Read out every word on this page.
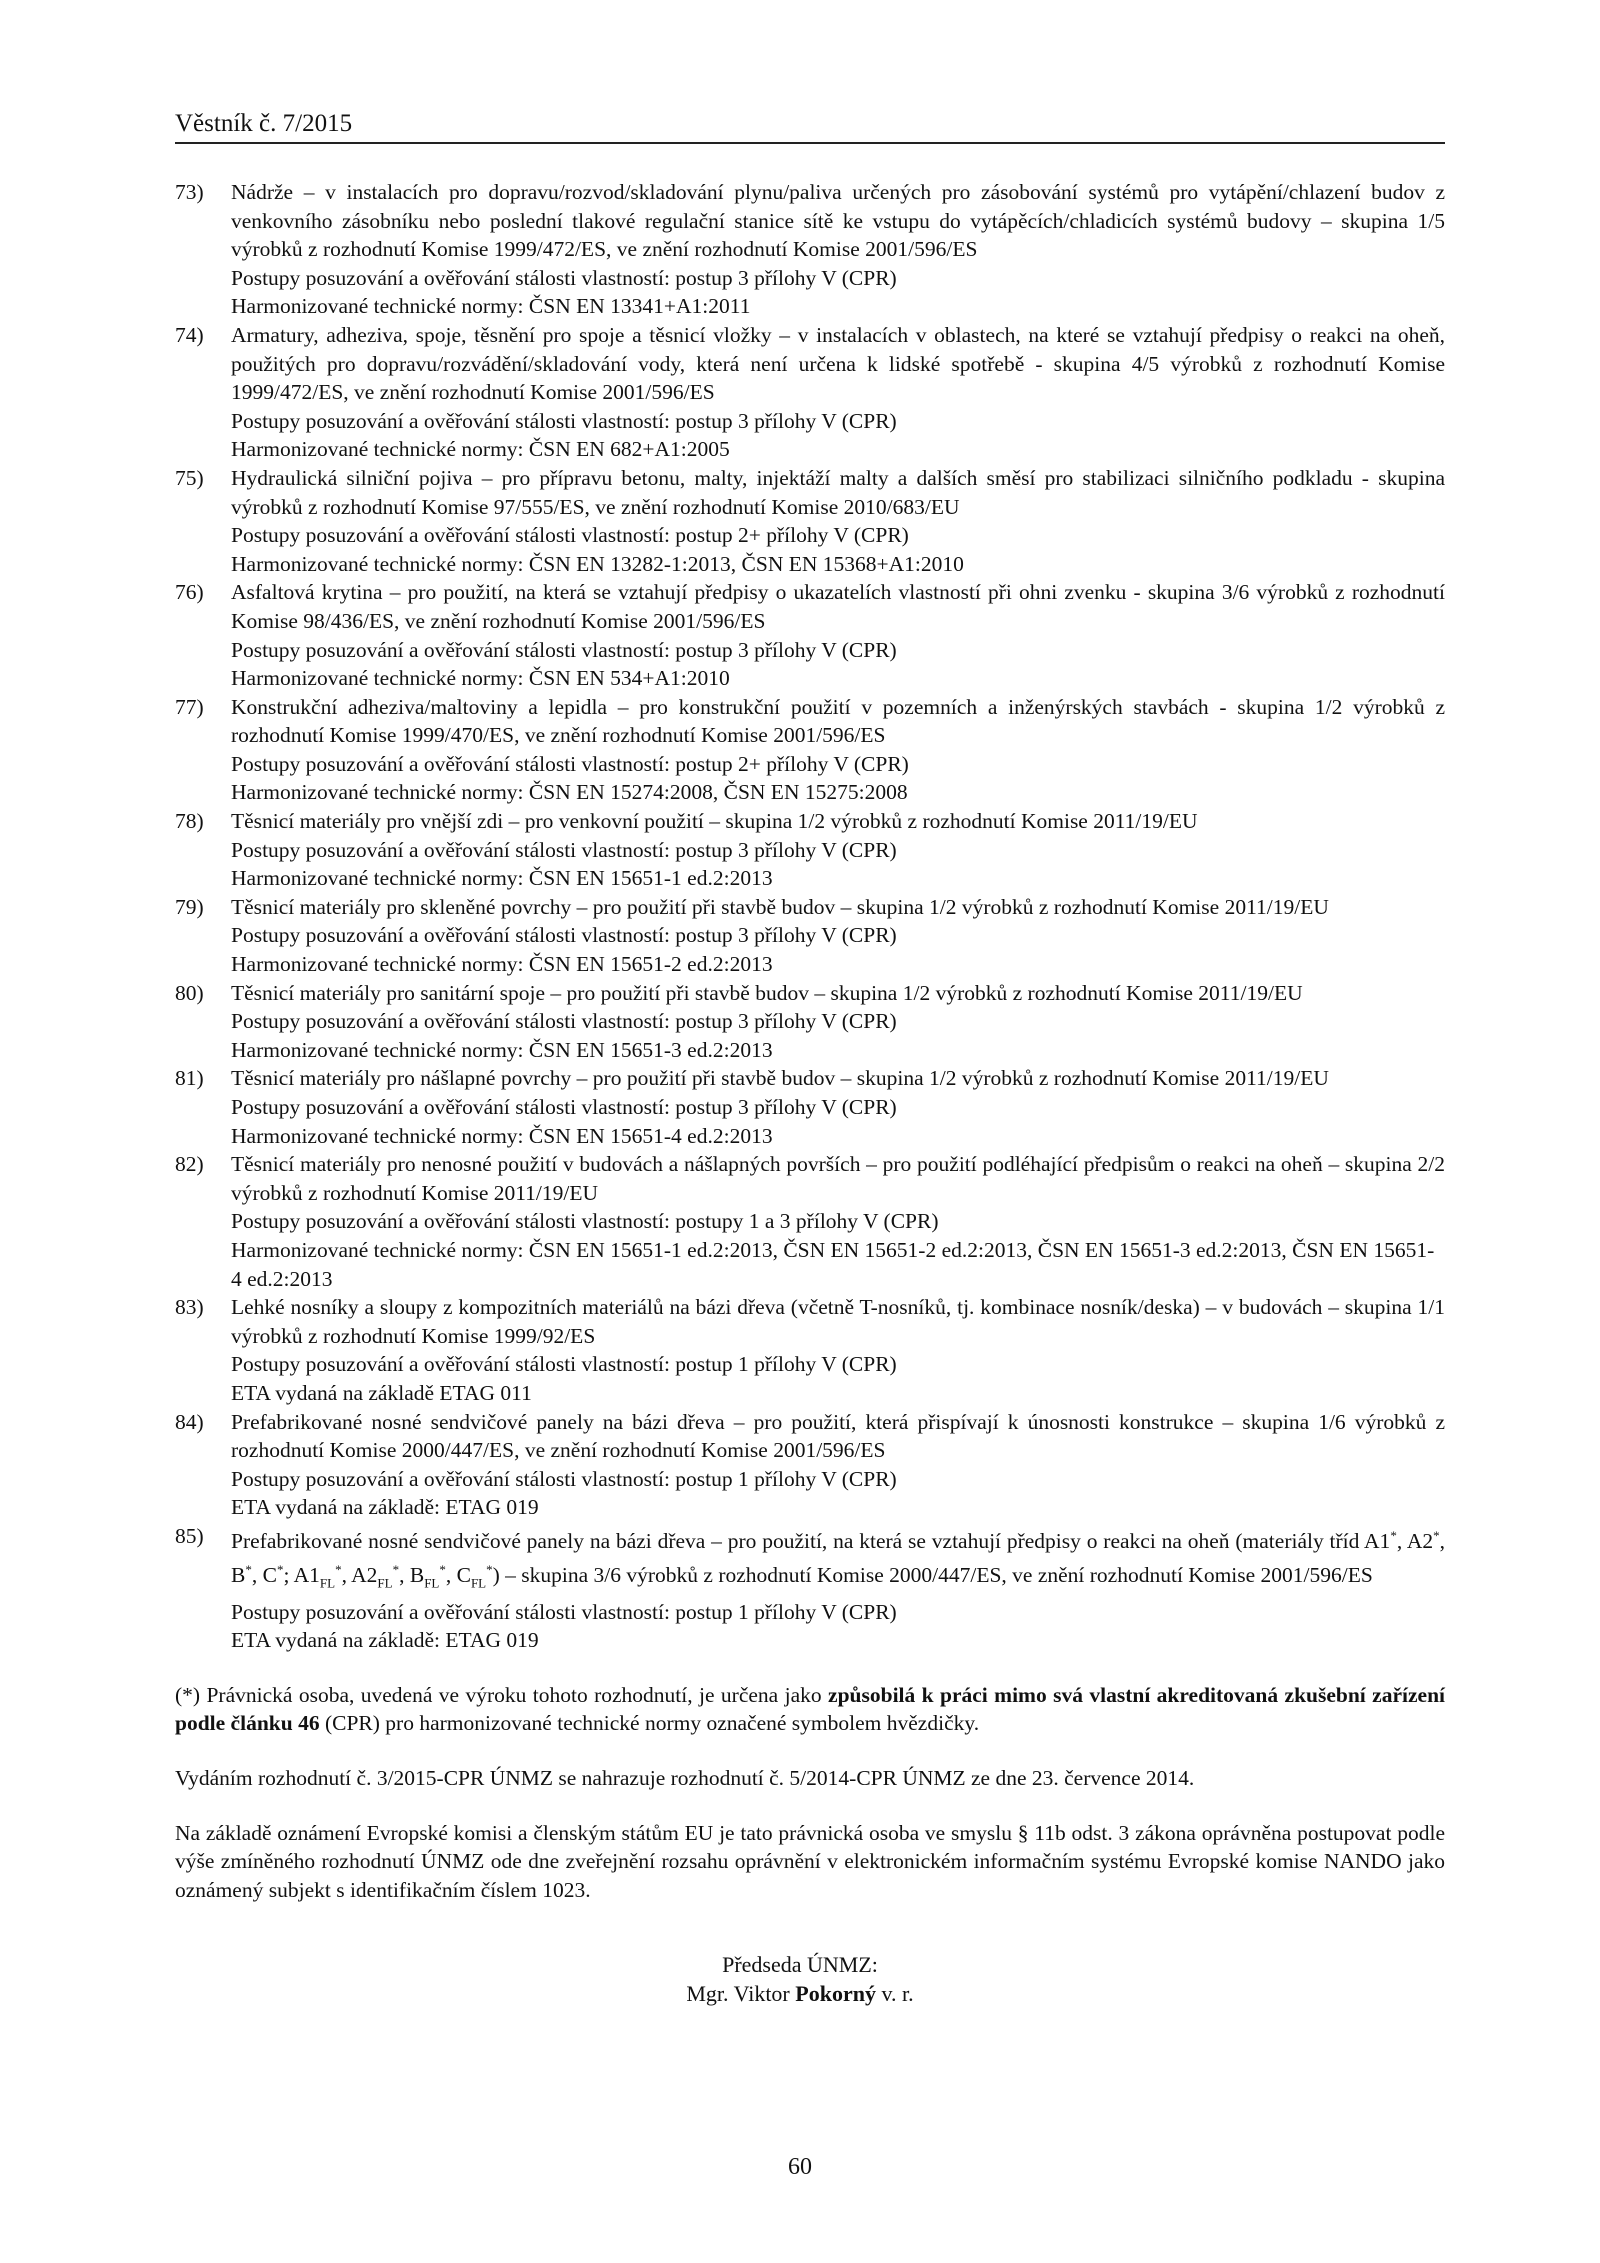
Věstník č. 7/2015
73)	Nádrže – v instalacích pro dopravu/rozvod/skladování plynu/paliva určených pro zásobování systémů pro vytápění/chlazení budov z venkovního zásobníku nebo poslední tlakové regulační stanice sítě ke vstupu do vytápěcích/chladicích systémů budovy – skupina 1/5 výrobků z rozhodnutí Komise 1999/472/ES, ve znění rozhodnutí Komise 2001/596/ES
Postupy posuzování a ověřování stálosti vlastností: postup 3 přílohy V (CPR)
Harmonizované technické normy: ČSN EN 13341+A1:2011
74)	Armatury, adheziva, spoje, těsnění pro spoje a těsnicí vložky – v instalacích v oblastech, na které se vztahují předpisy o reakci na oheň, použitých pro dopravu/rozvádění/skladování vody, která není určena k lidské spotřebě - skupina 4/5 výrobků z rozhodnutí Komise 1999/472/ES, ve znění rozhodnutí Komise 2001/596/ES
Postupy posuzování a ověřování stálosti vlastností: postup 3 přílohy V (CPR)
Harmonizované technické normy: ČSN EN 682+A1:2005
75)	Hydraulická silniční pojiva – pro přípravu betonu, malty, injektáží malty a dalších směsí pro stabilizaci silničního podkladu - skupina výrobků z rozhodnutí Komise 97/555/ES, ve znění rozhodnutí Komise 2010/683/EU
Postupy posuzování a ověřování stálosti vlastností: postup 2+ přílohy V (CPR)
Harmonizované technické normy: ČSN EN 13282-1:2013, ČSN EN 15368+A1:2010
76)	Asfaltová krytina – pro použití, na která se vztahují předpisy o ukazatelích vlastností při ohni zvenku - skupina 3/6 výrobků z rozhodnutí Komise 98/436/ES, ve znění rozhodnutí Komise 2001/596/ES
Postupy posuzování a ověřování stálosti vlastností: postup 3 přílohy V (CPR)
Harmonizované technické normy: ČSN EN 534+A1:2010
77)	Konstrukční adheziva/maltoviny a lepidla – pro konstrukční použití v pozemních a inženýrských stavbách - skupina 1/2 výrobků z rozhodnutí Komise 1999/470/ES, ve znění rozhodnutí Komise 2001/596/ES
Postupy posuzování a ověřování stálosti vlastností: postup 2+ přílohy V (CPR)
Harmonizované technické normy: ČSN EN 15274:2008, ČSN EN 15275:2008
78)	Těsnicí materiály pro vnější zdi – pro venkovní použití – skupina 1/2 výrobků z rozhodnutí Komise 2011/19/EU
Postupy posuzování a ověřování stálosti vlastností: postup 3 přílohy V (CPR)
Harmonizované technické normy: ČSN EN 15651-1 ed.2:2013
79)	Těsnicí materiály pro skleněné povrchy – pro použití při stavbě budov – skupina 1/2 výrobků z rozhodnutí Komise 2011/19/EU
Postupy posuzování a ověřování stálosti vlastností: postup 3 přílohy V (CPR)
Harmonizované technické normy: ČSN EN 15651-2 ed.2:2013
80)	Těsnicí materiály pro sanitární spoje – pro použití při stavbě budov – skupina 1/2 výrobků z rozhodnutí Komise 2011/19/EU
Postupy posuzování a ověřování stálosti vlastností: postup 3 přílohy V (CPR)
Harmonizované technické normy: ČSN EN 15651-3 ed.2:2013
81)	Těsnicí materiály pro nášlapné povrchy – pro použití při stavbě budov – skupina 1/2 výrobků z rozhodnutí Komise 2011/19/EU
Postupy posuzování a ověřování stálosti vlastností: postup 3 přílohy V (CPR)
Harmonizované technické normy: ČSN EN 15651-4 ed.2:2013
82)	Těsnicí materiály pro nenosné použití v budovách a nášlapných površích – pro použití podléhající předpisům o reakci na oheň – skupina 2/2 výrobků z rozhodnutí Komise 2011/19/EU
Postupy posuzování a ověřování stálosti vlastností: postupy 1 a 3 přílohy V (CPR)
Harmonizované technické normy: ČSN EN 15651-1 ed.2:2013, ČSN EN 15651-2 ed.2:2013, ČSN EN 15651-3 ed.2:2013, ČSN EN 15651-4 ed.2:2013
83)	Lehké nosníky a sloupy z kompozitních materiálů na bázi dřeva (včetně T-nosníků, tj. kombinace nosník/deska) – v budovách – skupina 1/1 výrobků z rozhodnutí Komise 1999/92/ES
Postupy posuzování a ověřování stálosti vlastností: postup 1 přílohy V (CPR)
ETA vydaná na základě ETAG 011
84)	Prefabrikované nosné sendvičové panely na bázi dřeva – pro použití, která přispívají k únosnosti konstrukce – skupina 1/6 výrobků z rozhodnutí Komise 2000/447/ES, ve znění rozhodnutí Komise 2001/596/ES
Postupy posuzování a ověřování stálosti vlastností: postup 1 přílohy V (CPR)
ETA vydaná na základě: ETAG 019
85)	Prefabrikované nosné sendvičové panely na bázi dřeva – pro použití, na která se vztahují předpisy o reakci na oheň (materiály tříd A1*, A2*, B*, C*; $A1_{FL}^*$, $A2_{FL}^*$, $B_{FL}^*$, $C_{FL}^*$) – skupina 3/6 výrobků z rozhodnutí Komise 2000/447/ES, ve znění rozhodnutí Komise 2001/596/ES
Postupy posuzování a ověřování stálosti vlastností: postup 1 přílohy V (CPR)
ETA vydaná na základě: ETAG 019
(*) Právnická osoba, uvedená ve výroku tohoto rozhodnutí, je určena jako způsobilá k práci mimo svá vlastní akreditovaná zkušební zařízení podle článku 46 (CPR) pro harmonizované technické normy označené symbolem hvězdičky.
Vydáním rozhodnutí č. 3/2015-CPR ÚNMZ se nahrazuje rozhodnutí č. 5/2014-CPR ÚNMZ ze dne 23. července 2014.
Na základě oznámení Evropské komisi a členským státům EU je tato právnická osoba ve smyslu § 11b odst. 3 zákona oprávněna postupovat podle výše zmíněného rozhodnutí ÚNMZ ode dne zveřejnění rozsahu oprávnění v elektronickém informačním systému Evropské komise NANDO jako oznámený subjekt s identifikačním číslem 1023.
Předseda ÚNMZ:
Mgr. Viktor Pokorný v. r.
60
